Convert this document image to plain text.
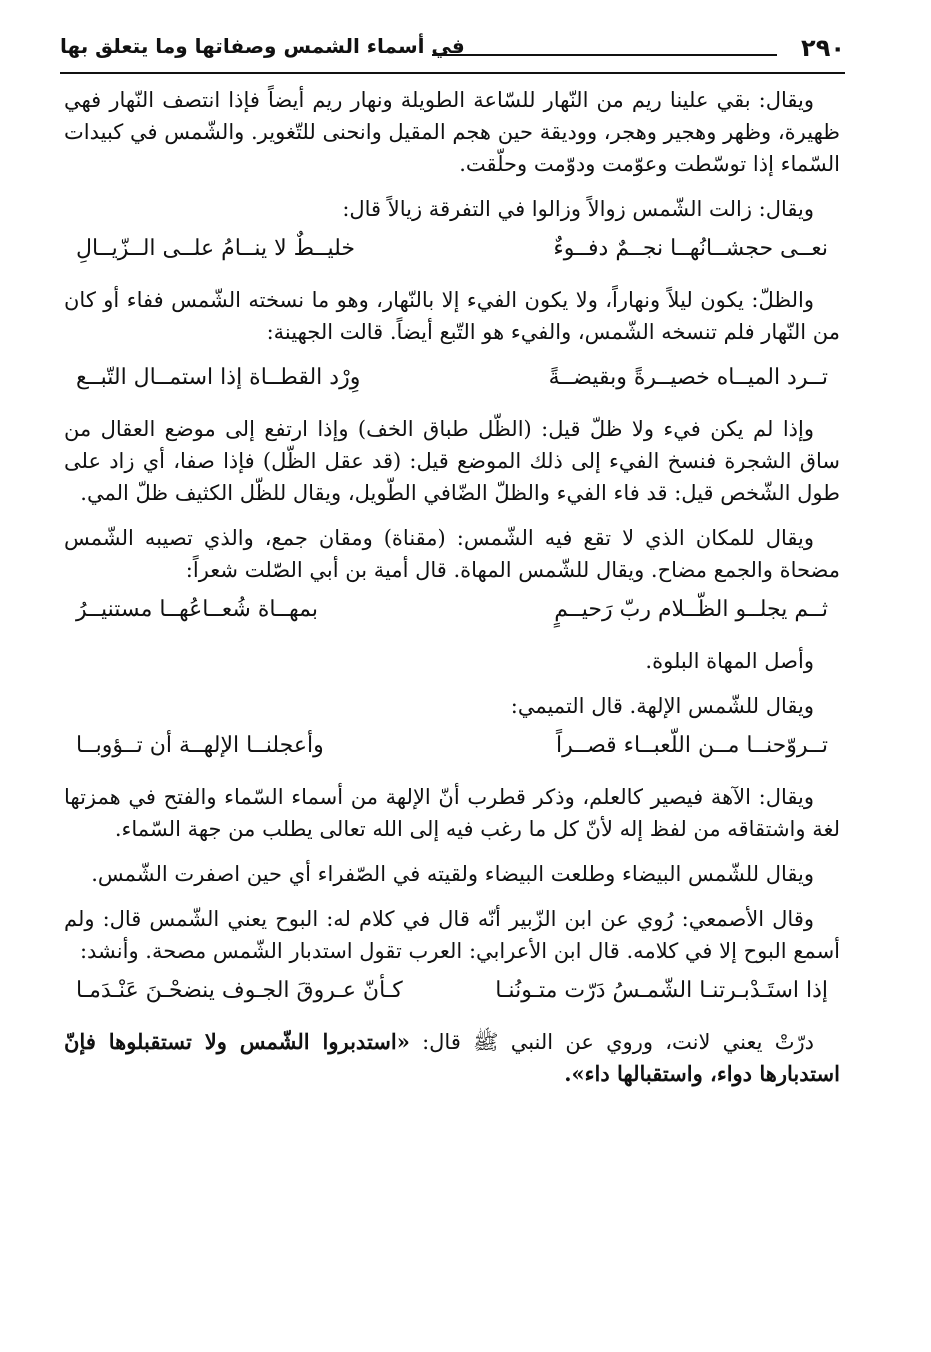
٢٩٠
في أسماء الشمس وصفاتها وما يتعلق بها

ويقال: بقي علينا ريم من النّهار للسّاعة الطويلة ونهار ريم أيضاً فإذا انتصف النّهار فهي ظهيرة، وظهر وهجير وهجر، ووديقة حين هجم المقيل وانحنى للتّغوير. والشّمس في كبيدات السّماء إذا توسّطت وعوّمت ودوّمت وحلّقت.

ويقال: زالت الشّمس زوالاً وزالوا في التفرقة زيالاً قال:

نعــى حجشــانُهــا نجــمٌ دفــوءٌ
خليــطٌ لا ينــامُ علــى الــزّيــالِ

والظلّ: يكون ليلاً ونهاراً، ولا يكون الفيء إلا بالنّهار، وهو ما نسخته الشّمس ففاء أو كان من النّهار فلم تنسخه الشّمس، والفيء هو التّبع أيضاً. قالت الجهينة:

تــرد الميــاه خصيــرةً وبقيضــةً
وِرْد القطــاة إذا استمــال التّبــع

وإذا لم يكن فيء ولا ظلّ قيل: (الظّل طباق الخف) وإذا ارتفع إلى موضع العقال من ساق الشجرة فنسخ الفيء إلى ذلك الموضع قيل: (قد عقل الظّل) فإذا صفا، أي زاد على طول الشّخص قيل: قد فاء الفيء والظلّ الضّافي الطّويل، ويقال للظّل الكثيف ظلّ المي.

ويقال للمكان الذي لا تقع فيه الشّمس: (مقناة) ومقان جمع، والذي تصيبه الشّمس مضحاة والجمع مضاح. ويقال للشّمس المهاة. قال أمية بن أبي الصّلت شعراً:

ثــم يجلــو الظّــلام ربّ رَحيــمٍ
بمهــاة شُعــاعُهــا مستنيــرُ

وأصل المهاة البلوة.

ويقال للشّمس الإلهة. قال التميمي:

تــروّحنــا مــن اللّعبــاء قصــراً
وأعجلنــا الإلهــة أن تــؤوبــا

ويقال: الآهة فيصير كالعلم، وذكر قطرب أنّ الإلهة من أسماء السّماء والفتح في همزتها لغة واشتقاقه من لفظ إله لأنّ كل ما رغب فيه إلى الله تعالى يطلب من جهة السّماء.

ويقال للشّمس البيضاء وطلعت البيضاء ولقيته في الصّفراء أي حين اصفرت الشّمس.

وقال الأصمعي: رُوي عن ابن الزّبير أنّه قال في كلام له: البوح يعني الشّمس قال: ولم أسمع البوح إلا في كلامه. قال ابن الأعرابي: العرب تقول استدبار الشّمس مصحة. وأنشد:

إذا استَـدْبـرتنـا الشّمـسُ دَرّت متـونُنـا
كـأنّ عـروقَ الجـوف ينضحْـنَ عَنْـدَمـا

درّتْ يعني لانت، وروي عن النبي ﷺ قال: «استدبروا الشّمس ولا تستقبلوها فإنّ استدبارها دواء، واستقبالها داء».
